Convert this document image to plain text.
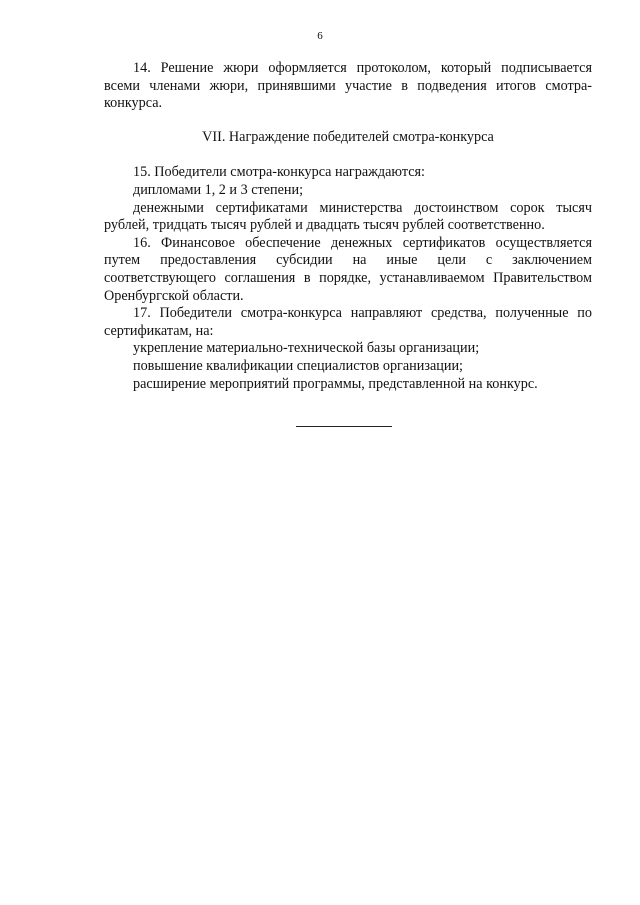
6

14. Решение жюри оформляется протоколом, который подписывается всеми членами жюри, принявшими участие в подведения итогов смотра-конкурса.

VII. Награждение победителей смотра-конкурса

15. Победители смотра-конкурса награждаются:

дипломами 1, 2 и 3 степени;

денежными сертификатами министерства достоинством сорок тысяч рублей, тридцать тысяч рублей и двадцать тысяч рублей соответственно.

16. Финансовое обеспечение денежных сертификатов осуществляется путем предоставления субсидии на иные цели с заключением соответствующего соглашения в порядке, устанавливаемом Правительством Оренбургской области.

17. Победители смотра-конкурса направляют средства, полученные по сертификатам, на:

укрепление материально-технической базы организации;

повышение квалификации специалистов организации;

расширение мероприятий программы, представленной на конкурс.
